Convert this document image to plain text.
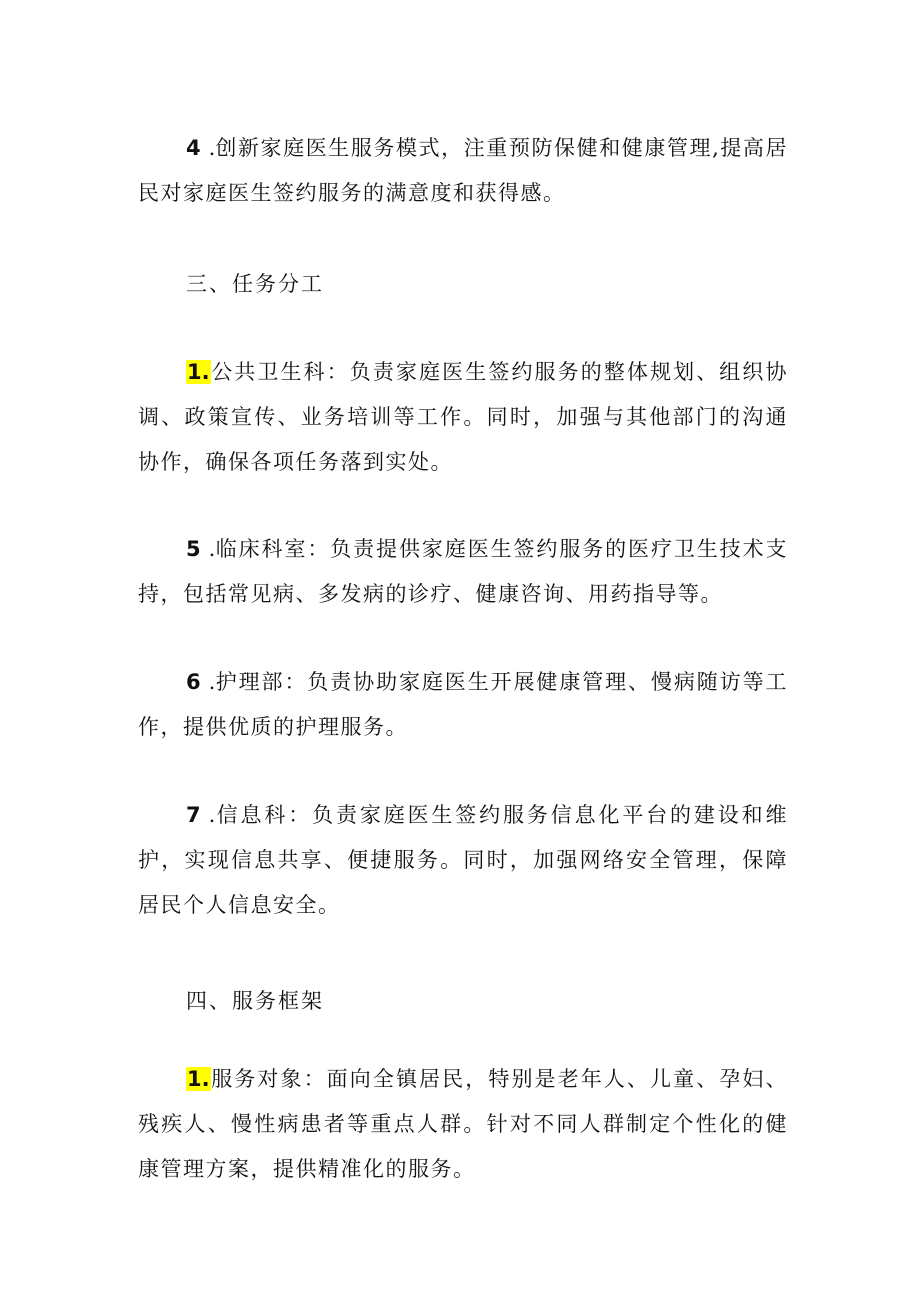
4 .创新家庭医生服务模式，注重预防保健和健康管理,提高居民对家庭医生签约服务的满意度和获得感。

三、任务分工

1.公共卫生科：负责家庭医生签约服务的整体规划、组织协调、政策宣传、业务培训等工作。同时，加强与其他部门的沟通协作，确保各项任务落到实处。

5 .临床科室：负责提供家庭医生签约服务的医疗卫生技术支持，包括常见病、多发病的诊疗、健康咨询、用药指导等。

6 .护理部：负责协助家庭医生开展健康管理、慢病随访等工作，提供优质的护理服务。

7 .信息科：负责家庭医生签约服务信息化平台的建设和维护，实现信息共享、便捷服务。同时，加强网络安全管理，保障居民个人信息安全。

四、服务框架

1.服务对象：面向全镇居民，特别是老年人、儿童、孕妇、残疾人、慢性病患者等重点人群。针对不同人群制定个性化的健康管理方案，提供精准化的服务。
